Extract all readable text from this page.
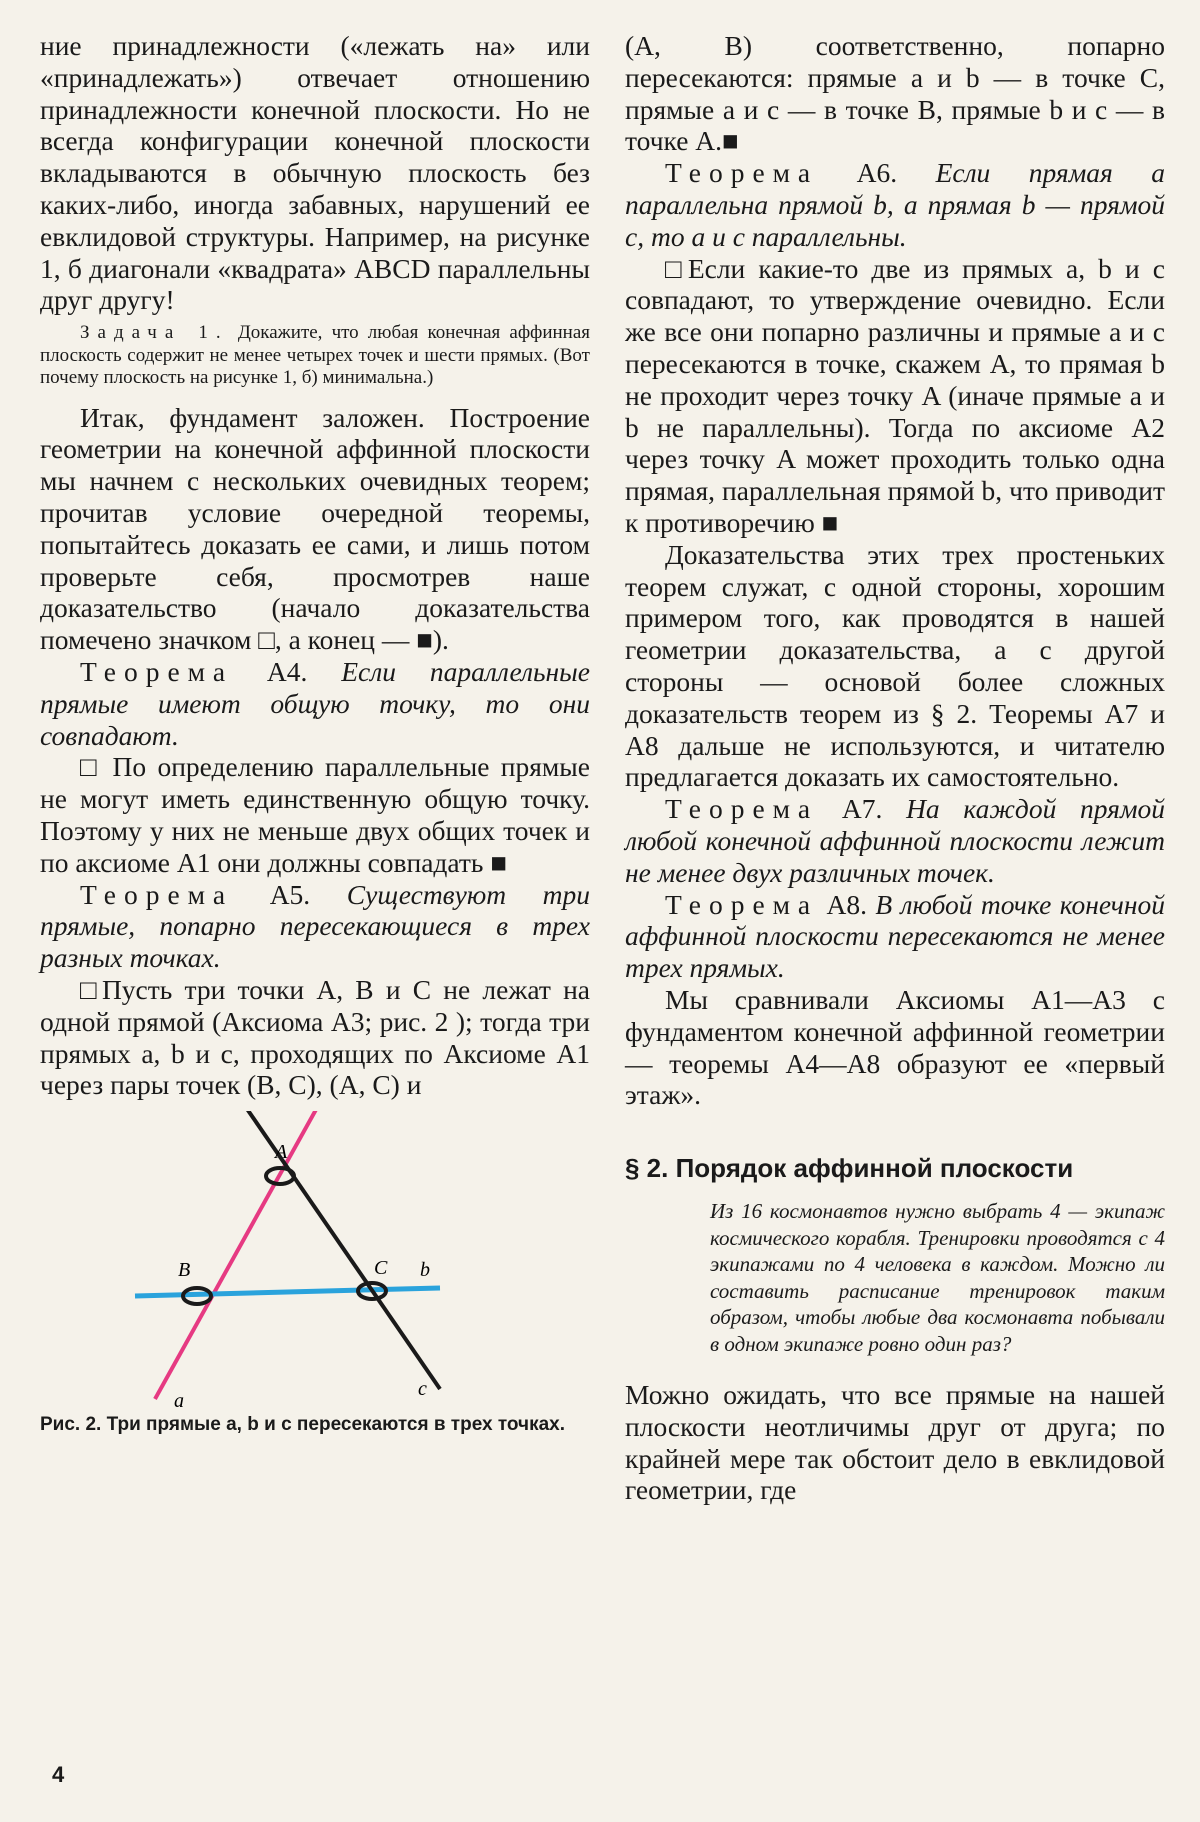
ние принадлежности («лежать на» или «принадлежать») отвечает отношению принадлежности конечной плоскости. Но не всегда конфигурации конечной плоскости вкладываются в обычную плоскость без каких-либо, иногда забавных, нарушений ее евклидовой структуры. Например, на рисунке 1, б диагонали «квадрата» ABCD параллельны друг другу!

Задача 1. Докажите, что любая конечная аффинная плоскость содержит не менее четырех точек и шести прямых. (Вот почему плоскость на рисунке 1, б) минимальна.)

Итак, фундамент заложен. Построение геометрии на конечной аффинной плоскости мы начнем с нескольких очевидных теорем; прочитав условие очередной теоремы, попытайтесь доказать ее сами, и лишь потом проверьте себя, просмотрев наше доказательство (начало доказательства помечено значком □, а конец — ■).

Теорема А4. Если параллельные прямые имеют общую точку, то они совпадают.

□ По определению параллельные прямые не могут иметь единственную общую точку. Поэтому у них не меньше двух общих точек и по аксиоме А1 они должны совпадать ■

Теорема А5. Существуют три прямые, попарно пересекающиеся в трех разных точках.

□Пусть три точки A, B и C не лежат на одной прямой (Аксиома А3; рис. 2 ); тогда три прямых a, b и c, проходящих по Аксиоме А1 через пары точек (B, C), (A, C) и

A
B	C
a
b
c
Рис. 2. Три прямые a, b и c пересекаются в трех точках.

(A, B) соответственно, попарно пересекаются: прямые a и b — в точке C, прямые a и c — в точке B, прямые b и c — в точке A.■

Теорема А6. Если прямая a параллельна прямой b, а прямая b — прямой c, то a и c параллельны.

□Если какие-то две из прямых a, b и c совпадают, то утверждение очевидно. Если же все они попарно различны и прямые a и c пересекаются в точке, скажем A, то прямая b не проходит через точку A (иначе прямые a и b не параллельны). Тогда по аксиоме А2 через точку A может проходить только одна прямая, параллельная прямой b, что приводит к противоречию ■

Доказательства этих трех простеньких теорем служат, с одной стороны, хорошим примером того, как проводятся в нашей геометрии доказательства, а с другой стороны — основой более сложных доказательств теорем из § 2. Теоремы А7 и А8 дальше не используются, и читателю предлагается доказать их самостоятельно.

Теорема А7. На каждой прямой любой конечной аффинной плоскости лежит не менее двух различных точек.

Теорема А8. В любой точке конечной аффинной плоскости пересекаются не менее трех прямых.

Мы сравнивали Аксиомы А1—А3 с фундаментом конечной аффинной геометрии — теоремы А4—А8 образуют ее «первый этаж».

§ 2. Порядок аффинной плоскости
Из 16 космонавтов нужно выбрать 4 — экипаж космического корабля. Тренировки проводятся с 4 экипажами по 4 человека в каждом. Можно ли составить расписание тренировок таким образом, чтобы любые два космонавта побывали в одном экипаже ровно один раз?

Можно ожидать, что все прямые на нашей плоскости неотличимы друг от друга; по крайней мере так обстоит дело в евклидовой геометрии, где

4
